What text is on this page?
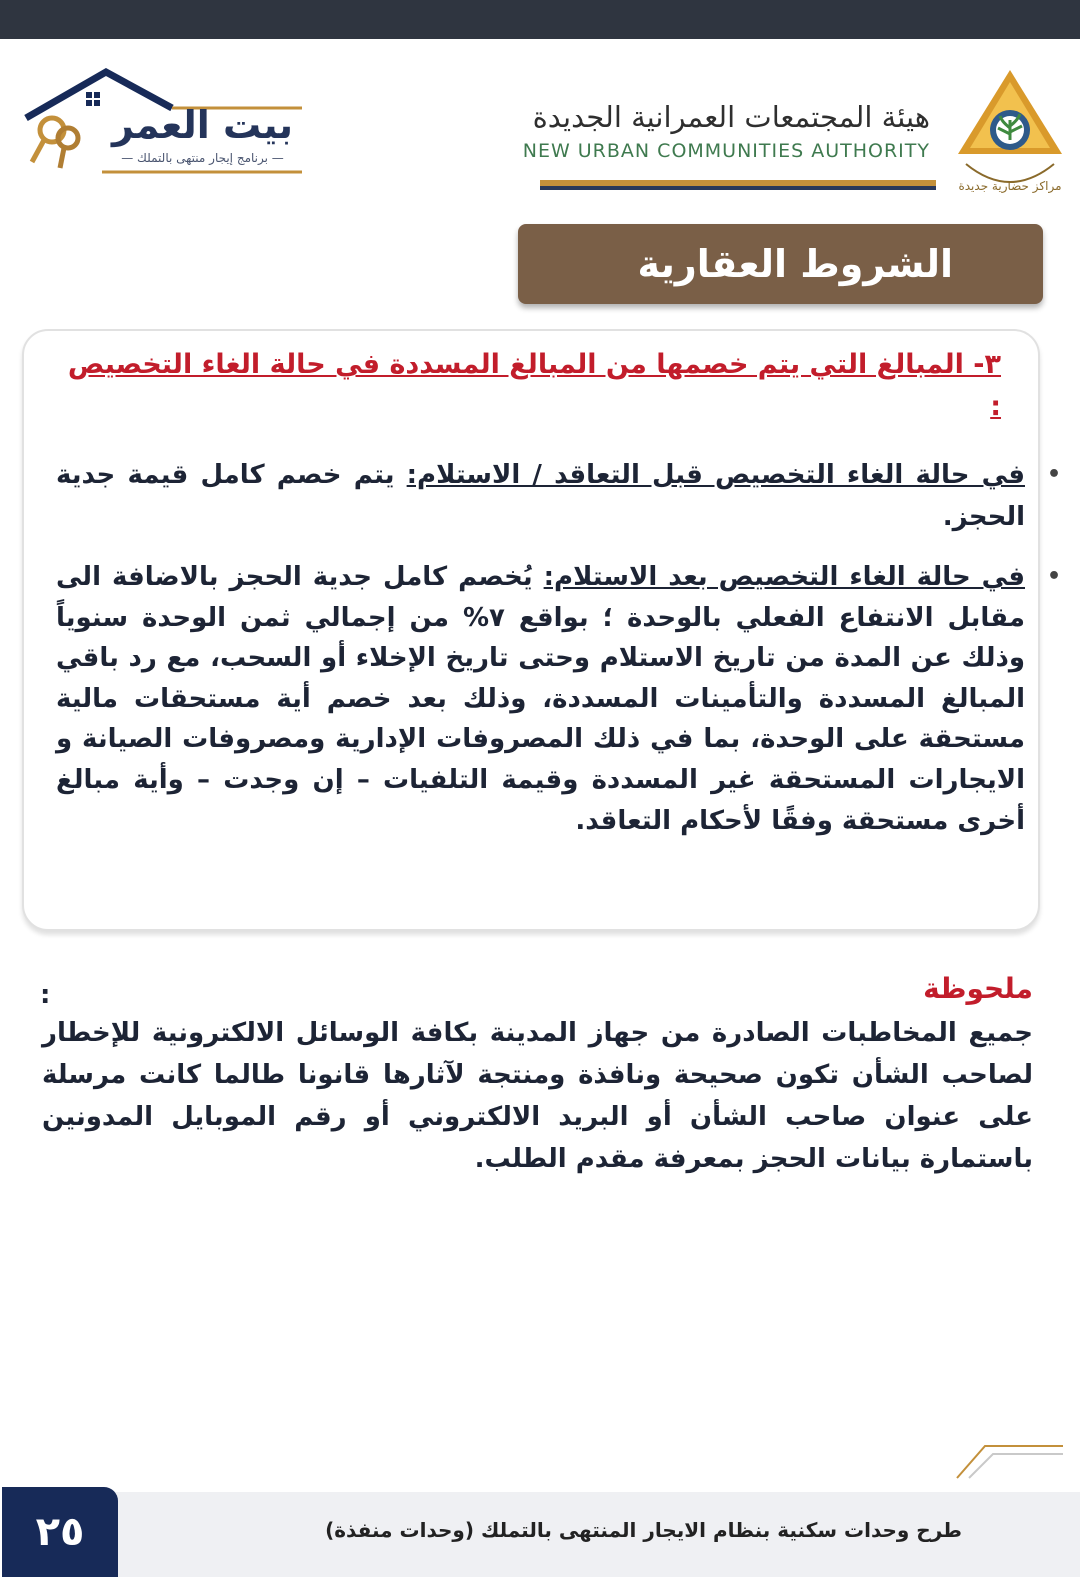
مراكز حضارية جديدة
هيئة المجتمعات العمرانية الجديدة
NEW URBAN COMMUNITIES AUTHORITY
بيت العمر
— برنامج إيجار منتهى بالتملك —
الشروط العقارية
٣- المبالغ التي يتم خصمها من المبالغ المسددة في حالة الغاء التخصيص :
•
في حالة الغاء التخصيص قبل التعاقد / الاستلام: يتم خصم كامل قيمة جدية الحجز.
•
في حالة الغاء التخصيص بعد الاستلام: يُخصم كامل جدية الحجز بالاضافة الى مقابل الانتفاع الفعلي بالوحدة ؛ بواقع ٧% من إجمالي ثمن الوحدة سنوياً وذلك عن المدة من تاريخ الاستلام وحتى تاريخ الإخلاء أو السحب، مع رد باقي المبالغ المسددة والتأمينات المسددة، وذلك بعد خصم أية مستحقات مالية مستحقة على الوحدة، بما في ذلك المصروفات الإدارية ومصروفات الصيانة و الايجارات المستحقة غير المسددة وقيمة التلفيات – إن وجدت – وأية مبالغ أخرى مستحقة وفقًا لأحكام التعاقد.
:	ملحوظة
جميع المخاطبات الصادرة من جهاز المدينة بكافة الوسائل الالكترونية للإخطار لصاحب الشأن تكون صحيحة ونافذة ومنتجة لآثارها قانونا طالما كانت مرسلة على عنوان صاحب الشأن أو البريد الالكتروني أو رقم الموبايل المدونين باستمارة بيانات الحجز بمعرفة مقدم الطلب.
٢٥	طرح وحدات سكنية بنظام الايجار المنتهى بالتملك (وحدات منفذة)
